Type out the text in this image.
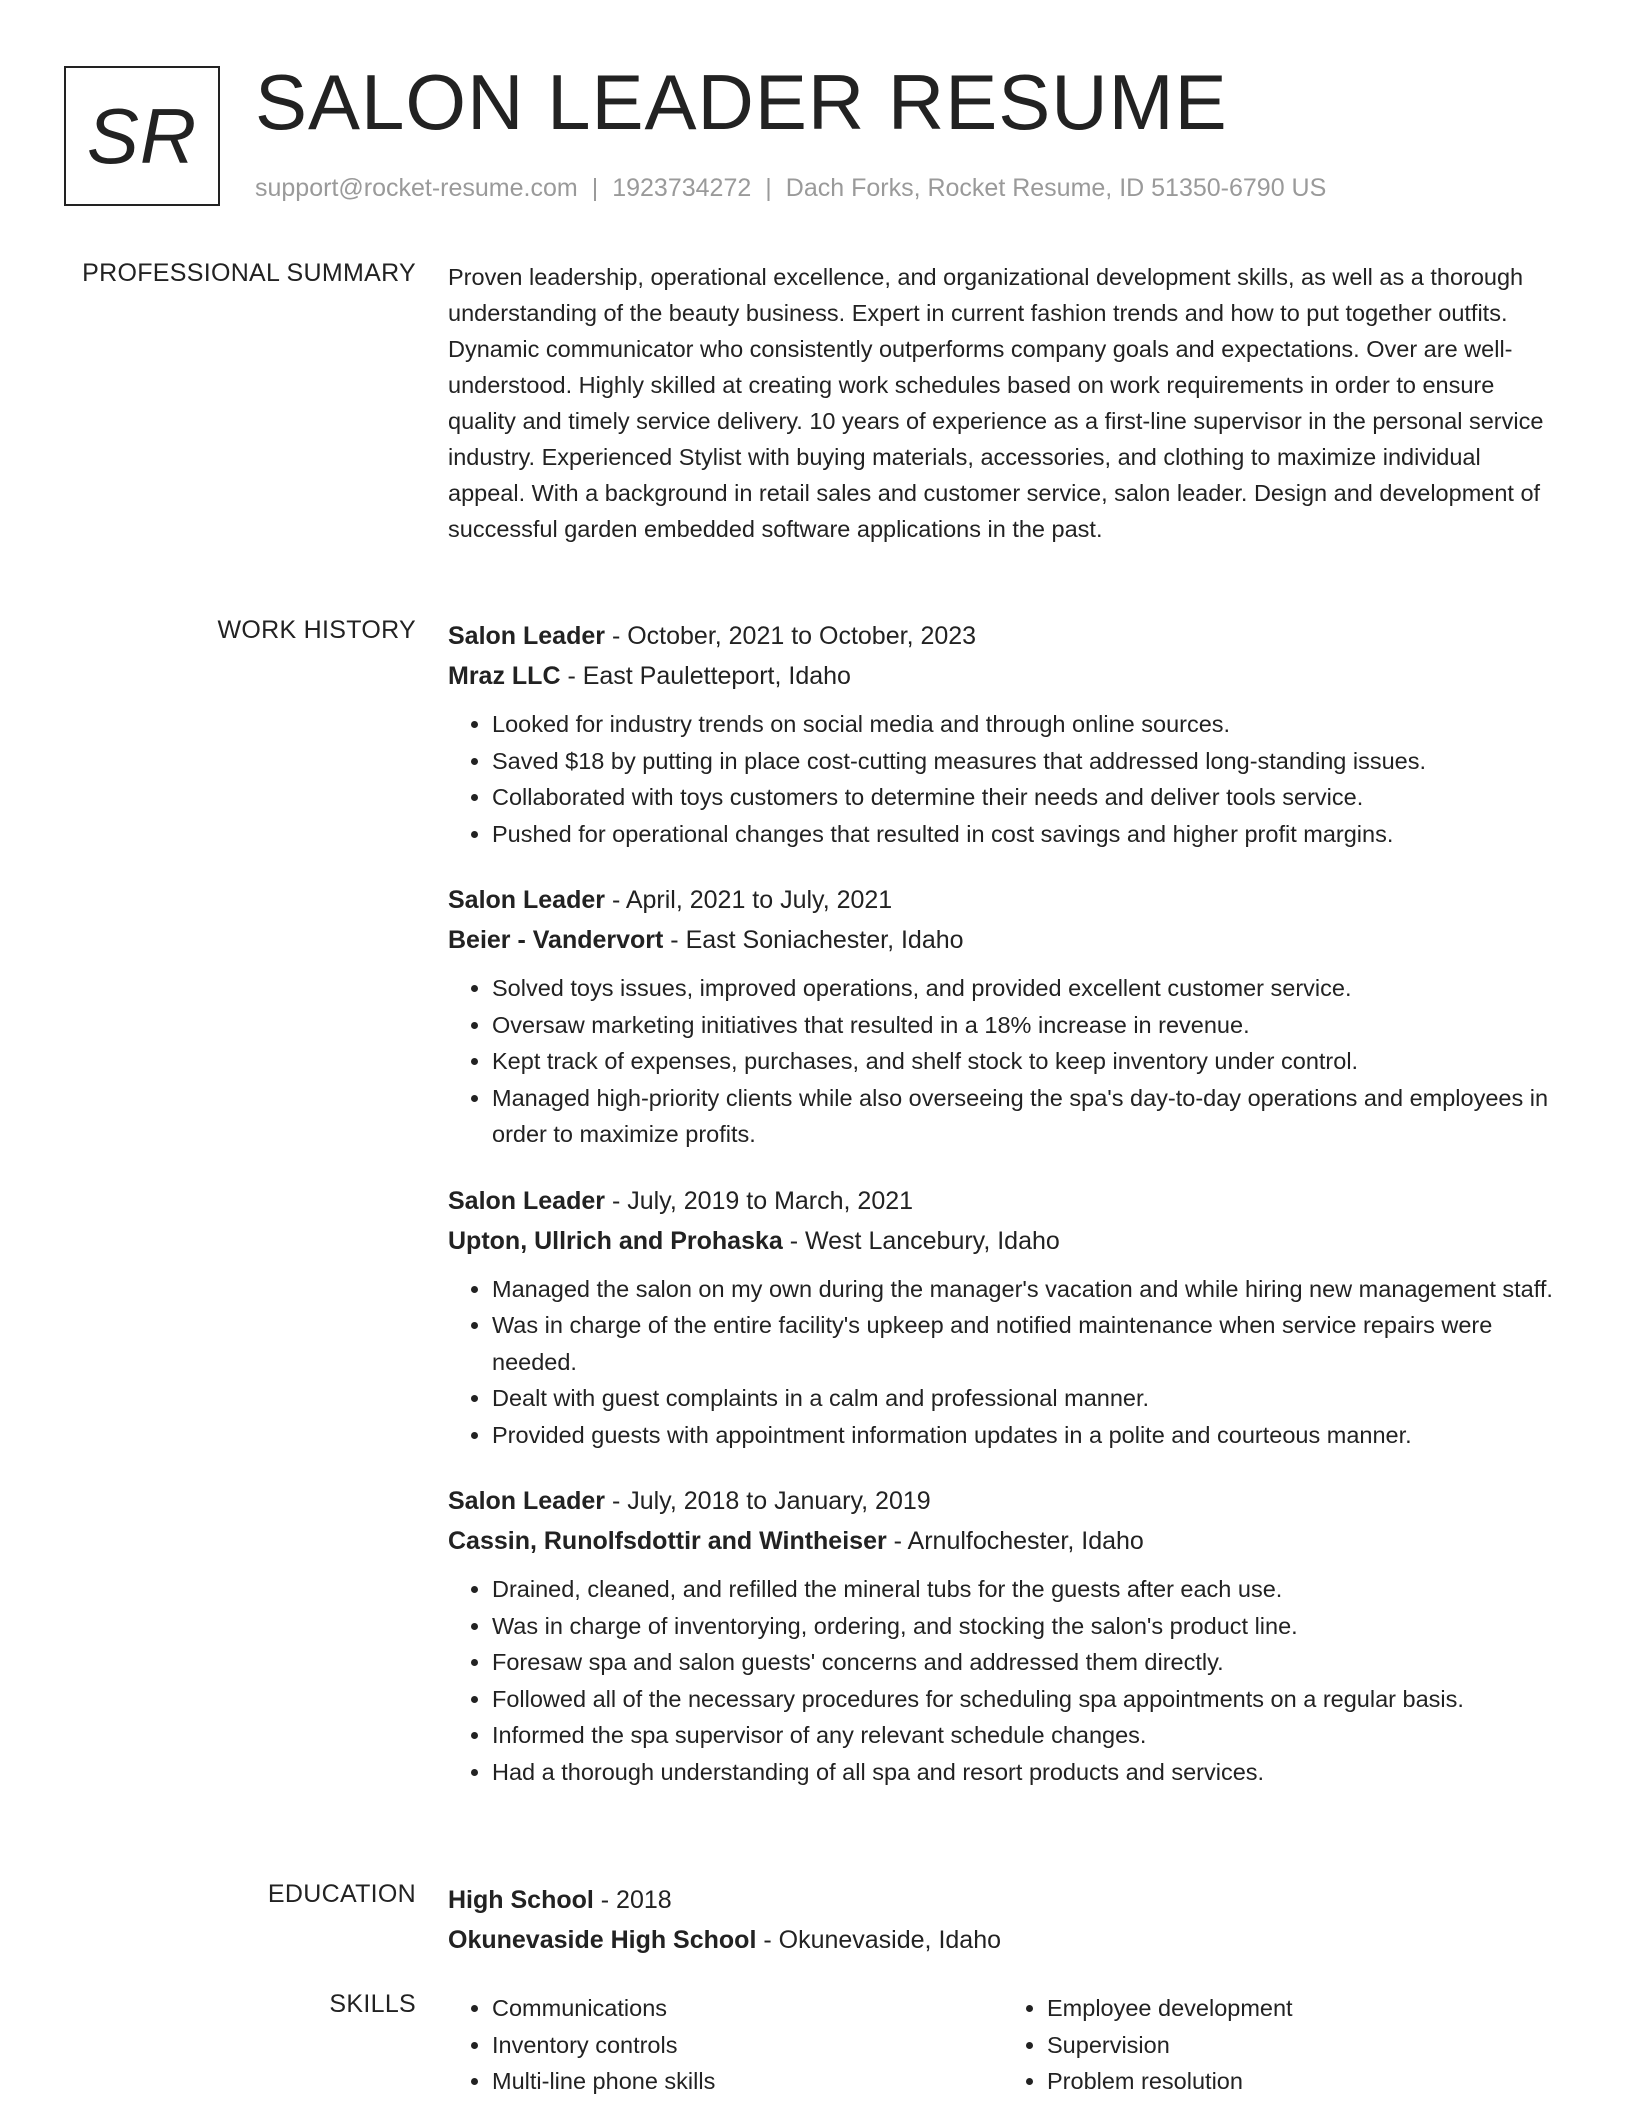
SR SALON LEADER RESUME
support@rocket-resume.com | 1923734272 | Dach Forks, Rocket Resume, ID 51350-6790 US
PROFESSIONAL SUMMARY Proven leadership, operational excellence, and organizational development skills, as well as a thorough understanding of the beauty business. Expert in current fashion trends and how to put together outfits. Dynamic communicator who consistently outperforms company goals and expectations. Over are well-understood. Highly skilled at creating work schedules based on work requirements in order to ensure quality and timely service delivery. 10 years of experience as a first-line supervisor in the personal service industry. Experienced Stylist with buying materials, accessories, and clothing to maximize individual appeal. With a background in retail sales and customer service, salon leader. Design and development of successful garden embedded software applications in the past.

WORK HISTORY Salon Leader - October, 2021 to October, 2023
Mraz LLC - East Pauletteport, Idaho
• Looked for industry trends on social media and through online sources.
• Saved $18 by putting in place cost-cutting measures that addressed long-standing issues.
• Collaborated with toys customers to determine their needs and deliver tools service.
• Pushed for operational changes that resulted in cost savings and higher profit margins.
Salon Leader - April, 2021 to July, 2021
Beier - Vandervort - East Soniachester, Idaho
• Solved toys issues, improved operations, and provided excellent customer service.
• Oversaw marketing initiatives that resulted in a 18% increase in revenue.
• Kept track of expenses, purchases, and shelf stock to keep inventory under control.
• Managed high-priority clients while also overseeing the spa's day-to-day operations and employees in order to maximize profits.
Salon Leader - July, 2019 to March, 2021
Upton, Ullrich and Prohaska - West Lancebury, Idaho
• Managed the salon on my own during the manager's vacation and while hiring new management staff.
• Was in charge of the entire facility's upkeep and notified maintenance when service repairs were needed.
• Dealt with guest complaints in a calm and professional manner.
• Provided guests with appointment information updates in a polite and courteous manner.
Salon Leader - July, 2018 to January, 2019
Cassin, Runolfsdottir and Wintheiser - Arnulfochester, Idaho
• Drained, cleaned, and refilled the mineral tubs for the guests after each use.
• Was in charge of inventorying, ordering, and stocking the salon's product line.
• Foresaw spa and salon guests' concerns and addressed them directly.
• Followed all of the necessary procedures for scheduling spa appointments on a regular basis.
• Informed the spa supervisor of any relevant schedule changes.
• Had a thorough understanding of all spa and resort products and services.
EDUCATION High School - 2018
Okunevaside High School - Okunevaside, Idaho
SKILLS
•	Communications
• Inventory controls
• Multi-line phone skills
• Employee development
• Supervision
• Problem resolution
